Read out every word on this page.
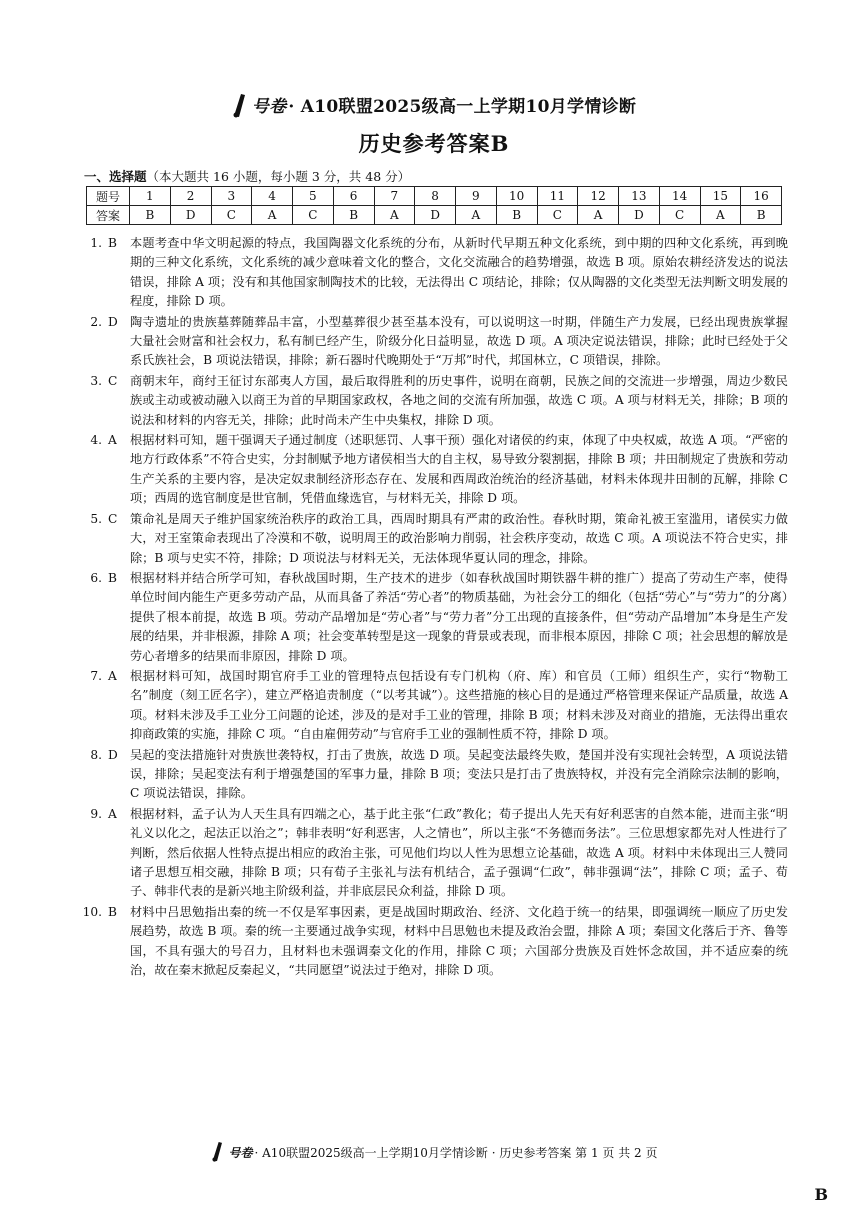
号卷 · A10联盟2025级高一上学期10月学情诊断
历史参考答案B
一、选择题（本大题共 16 小题，每小题 3 分，共 48 分）
题号	1	2	3	4	5	6	7	8	9	10	11	12	13	14	15	16
答案	B	D	C	A	C	B	A	D	A	B	C	A	D	C	A	B
1. B 本题考查中华文明起源的特点，我国陶器文化系统的分布，从新时代早期五种文化系统，到中期的四种文化系统，再到晚期的三种文化系统，文化系统的减少意味着文化的整合，文化交流融合的趋势增强，故选 B 项。原始农耕经济发达的说法错误，排除 A 项；没有和其他国家制陶技术的比较，无法得出 C 项结论，排除；仅从陶器的文化类型无法判断文明发展的程度，排除 D 项。
2. D 陶寺遗址的贵族墓葬随葬品丰富，小型墓葬很少甚至基本没有，可以说明这一时期，伴随生产力发展，已经出现贵族掌握大量社会财富和社会权力，私有制已经产生，阶级分化日益明显，故选 D 项。A 项决定说法错误，排除；此时已经处于父系氏族社会，B 项说法错误，排除；新石器时代晚期处于“万邦”时代，邦国林立，C 项错误，排除。
3. C 商朝末年，商纣王征讨东部夷人方国，最后取得胜利的历史事件，说明在商朝，民族之间的交流进一步增强，周边少数民族或主动或被动融入以商王为首的早期国家政权，各地之间的交流有所加强，故选 C 项。A 项与材料无关，排除；B 项的说法和材料的内容无关，排除；此时尚未产生中央集权，排除 D 项。
4. A 根据材料可知，题干强调天子通过制度（述职惩罚、人事干预）强化对诸侯的约束，体现了中央权威，故选 A 项。“严密的地方行政体系”不符合史实，分封制赋予地方诸侯相当大的自主权，易导致分裂割据，排除 B 项；井田制规定了贵族和劳动生产关系的主要内容，是决定奴隶制经济形态存在、发展和西周政治统治的经济基础，材料未体现井田制的瓦解，排除 C 项；西周的选官制度是世官制，凭借血缘选官，与材料无关，排除 D 项。
5. C 策命礼是周天子维护国家统治秩序的政治工具，西周时期具有严肃的政治性。春秋时期，策命礼被王室滥用，诸侯实力做大，对王室策命表现出了冷漠和不敬，说明周王的政治影响力削弱，社会秩序变动，故选 C 项。A 项说法不符合史实，排除；B 项与史实不符，排除；D 项说法与材料无关，无法体现华夏认同的理念，排除。
6. B 根据材料并结合所学可知，春秋战国时期，生产技术的进步（如春秋战国时期铁器牛耕的推广）提高了劳动生产率，使得单位时间内能生产更多劳动产品，从而具备了养活“劳心者”的物质基础，为社会分工的细化（包括“劳心”与“劳力”的分离）提供了根本前提，故选 B 项。劳动产品增加是“劳心者”与“劳力者”分工出现的直接条件，但“劳动产品增加”本身是生产发展的结果，并非根源，排除 A 项；社会变革转型是这一现象的背景或表现，而非根本原因，排除 C 项；社会思想的解放是劳心者增多的结果而非原因，排除 D 项。
7. A 根据材料可知，战国时期官府手工业的管理特点包括设有专门机构（府、库）和官员（工师）组织生产，实行“物勒工名”制度（刻工匠名字），建立严格追责制度（“以考其诚”）。这些措施的核心目的是通过严格管理来保证产品质量，故选 A 项。材料未涉及手工业分工问题的论述，涉及的是对手工业的管理，排除 B 项；材料未涉及对商业的措施，无法得出重农抑商政策的实施，排除 C 项。“自由雇佣劳动”与官府手工业的强制性质不符，排除 D 项。
8. D 吴起的变法措施针对贵族世袭特权，打击了贵族，故选 D 项。吴起变法最终失败，楚国并没有实现社会转型，A 项说法错误，排除；吴起变法有利于增强楚国的军事力量，排除 B 项；变法只是打击了贵族特权，并没有完全消除宗法制的影响，C 项说法错误，排除。
9. A 根据材料，孟子认为人天生具有四端之心，基于此主张“仁政”教化；荀子提出人先天有好利恶害的自然本能，进而主张“明礼义以化之，起法正以治之”；韩非表明“好利恶害，人之情也”，所以主张“不务德而务法”。三位思想家都先对人性进行了判断，然后依据人性特点提出相应的政治主张，可见他们均以人性为思想立论基础，故选 A 项。材料中未体现出三人赞同诸子思想互相交融，排除 B 项；只有荀子主张礼与法有机结合，孟子强调“仁政”，韩非强调“法”，排除 C 项；孟子、荀子、韩非代表的是新兴地主阶级利益，并非底层民众利益，排除 D 项。
10. B 材料中吕思勉指出秦的统一不仅是军事因素，更是战国时期政治、经济、文化趋于统一的结果，即强调统一顺应了历史发展趋势，故选 B 项。秦的统一主要通过战争实现，材料中吕思勉也未提及政治会盟，排除 A 项；秦国文化落后于齐、鲁等国，不具有强大的号召力，且材料也未强调秦文化的作用，排除 C 项；六国部分贵族及百姓怀念故国，并不适应秦的统治，故在秦末掀起反秦起义，“共同愿望”说法过于绝对，排除 D 项。
号卷 · A10联盟2025级高一上学期10月学情诊断 · 历史参考答案 第 1 页 共 2 页
B
